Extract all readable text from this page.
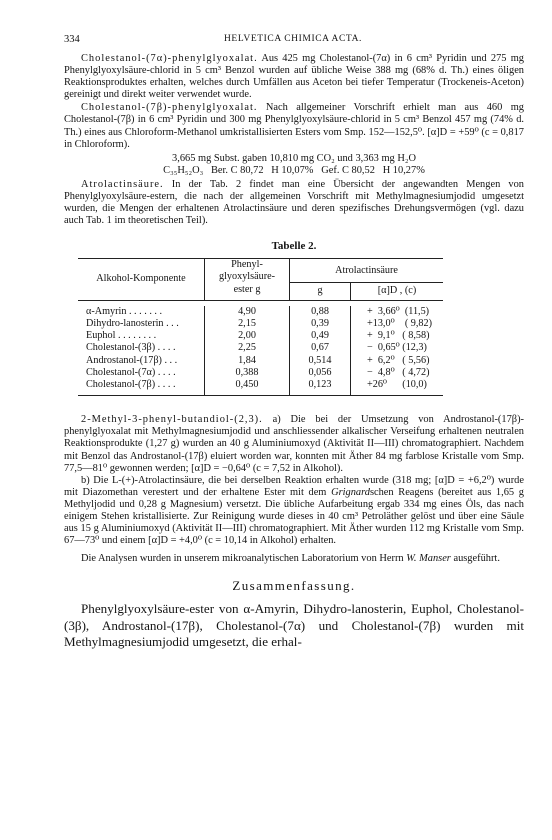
334	HELVETICA CHIMICA ACTA.

Cholestanol-(7α)-phenylglyoxalat. Aus 425 mg Cholestanol-(7α) in 6 cm³ Pyridin und 275 mg Phenylglyoxylsäure-chlorid in 5 cm³ Benzol wurden auf übliche Weise 388 mg (68% d. Th.) eines öligen Reaktionsproduktes erhalten, welches durch Umfällen aus Aceton bei tiefer Temperatur (Trockeneis-Aceton) gereinigt und direkt weiter verwendet wurde.

Cholestanol-(7β)-phenylglyoxalat. Nach allgemeiner Vorschrift erhielt man aus 460 mg Cholestanol-(7β) in 6 cm³ Pyridin und 300 mg Phenylglyoxylsäure-chlorid in 5 cm³ Benzol 457 mg (74% d. Th.) eines aus Chloroform-Methanol umkristallisierten Esters vom Smp. 152—152,5⁰. [α]D = +59⁰ (c = 0,817 in Chloroform).

3,665 mg Subst. gaben 10,810 mg CO₂ und 3,363 mg H₂O
C₃₅H₅₂O₃   Ber. C 80,72   H 10,07%   Gef. C 80,52   H 10,27%

Atrolactinsäure. In der Tab. 2 findet man eine Übersicht der angewandten Mengen von Phenylglyoxylsäure-estern, die nach der allgemeinen Vorschrift mit Methylmagnesiumjodid umgesetzt wurden, die Mengen der erhaltenen Atrolactinsäure und deren spezifisches Drehungsvermögen (vgl. dazu auch Tab. 1 im theoretischen Teil).

Tabelle 2.
Alkohol-Komponente	Phenyl-	Atrolactinsäure	
	glyoxylsäure-		
	ester g	g	[α]D , (c)

α-Amyrin . . . . . . .	4,90	0,88	+  3,66⁰  (11,5)
Dihydro-lanosterin . . .	2,15	0,39	+13,0⁰    ( 9,82)
Euphol . . . . . . . .	2,00	0,49	+  9,1⁰   ( 8,58)
Cholestanol-(3β) . . . .	2,25	0,67	−  0,65⁰ (12,3)
Androstanol-(17β) . . .	1,84	0,514	+  6,2⁰   ( 5,56)
Cholestanol-(7α) . . . .	0,388	0,056	−  4,8⁰   ( 4,72)
Cholestanol-(7β) . . . .	0,450	0,123	+26⁰      (10,0)

2-Methyl-3-phenyl-butandiol-(2,3). a) Die bei der Umsetzung von Androstanol-(17β)-phenylglyoxalat mit Methylmagnesiumjodid und anschliessender alkalischer Verseifung erhaltenen neutralen Reaktionsprodukte (1,27 g) wurden an 40 g Aluminiumoxyd (Aktivität II—III) chromatographiert. Nachdem mit Benzol das Androstanol-(17β) eluiert worden war, konnten mit Äther 84 mg farblose Kristalle vom Smp. 77,5—81⁰ gewonnen werden; [α]D = −0,64⁰ (c = 7,52 in Alkohol).

b) Die L-(+)-Atrolactinsäure, die bei derselben Reaktion erhalten wurde (318 mg; [α]D = +6,2⁰) wurde mit Diazomethan verestert und der erhaltene Ester mit dem Grignardschen Reagens (bereitet aus 1,65 g Methyljodid und 0,28 g Magnesium) versetzt. Die übliche Aufarbeitung ergab 334 mg eines Öls, das nach einigem Stehen kristallisierte. Zur Reinigung wurde dieses in 40 cm³ Petroläther gelöst und über eine Säule aus 15 g Aluminiumoxyd (Aktivität II—III) chromatographiert. Mit Äther wurden 112 mg Kristalle vom Smp. 67—73⁰ und einem [α]D = +4,0⁰ (c = 10,14 in Alkohol) erhalten.

Die Analysen wurden in unserem mikroanalytischen Laboratorium von Herrn W. Manser ausgeführt.

Zusammenfassung.

Phenylglyoxylsäure-ester von α-Amyrin, Dihydro-lanosterin, Euphol, Cholestanol-(3β), Androstanol-(17β), Cholestanol-(7α) und Cholestanol-(7β) wurden mit Methylmagnesiumjodid umgesetzt, die erhal-
